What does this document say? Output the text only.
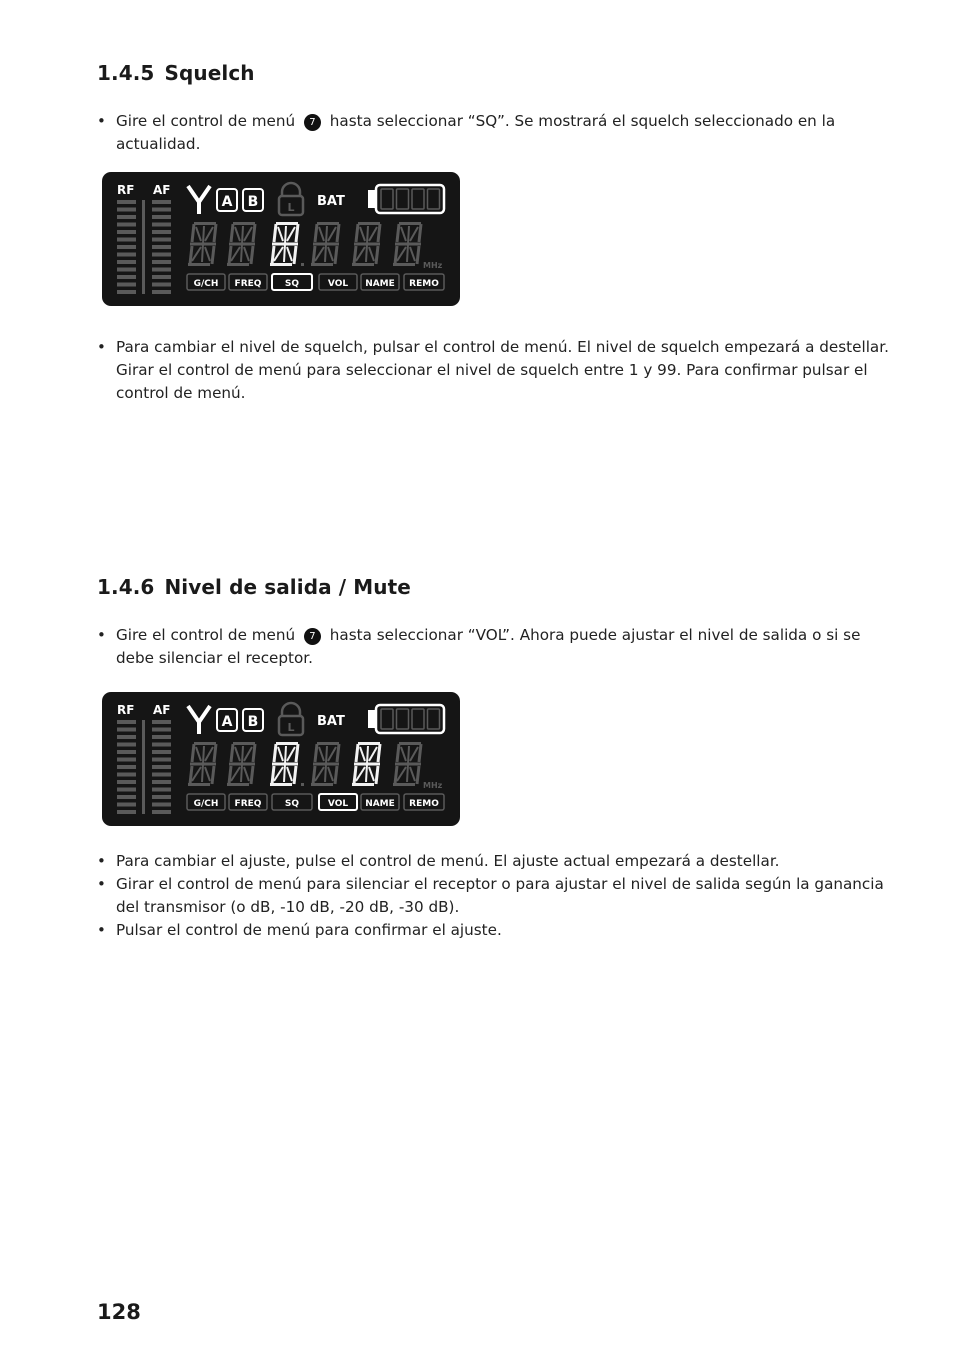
1.4.5 Squelch
• Gire el control de menú 7 hasta seleccionar “SQ”. Se mostrará el squelch seleccionado en la actualidad.
RF AF
A B	L BAT
MHz
G/CH FREQ	SQ	VOL NAME REMO
• Para cambiar el nivel de squelch, pulsar el control de menú. El nivel de squelch empezará a destellar. Girar el control de menú para seleccionar el nivel de squelch entre 1 y 99. Para confirmar pulsar el control de menú.
1.4.6 Nivel de salida / Mute
• Gire el control de menú 7 hasta seleccionar “VOL”. Ahora puede ajustar el nivel de salida o si se debe silenciar el receptor.
RF AF
A B	L BAT
MHz
G/CH FREQ	SQ	VOL NAME REMO
• Para cambiar el ajuste, pulse el control de menú. El ajuste actual empezará a destellar.
• Girar el control de menú para silenciar el receptor o para ajustar el nivel de salida según la ganancia del transmisor (o dB, -10 dB, -20 dB, -30 dB).
• Pulsar el control de menú para confirmar el ajuste.
128
